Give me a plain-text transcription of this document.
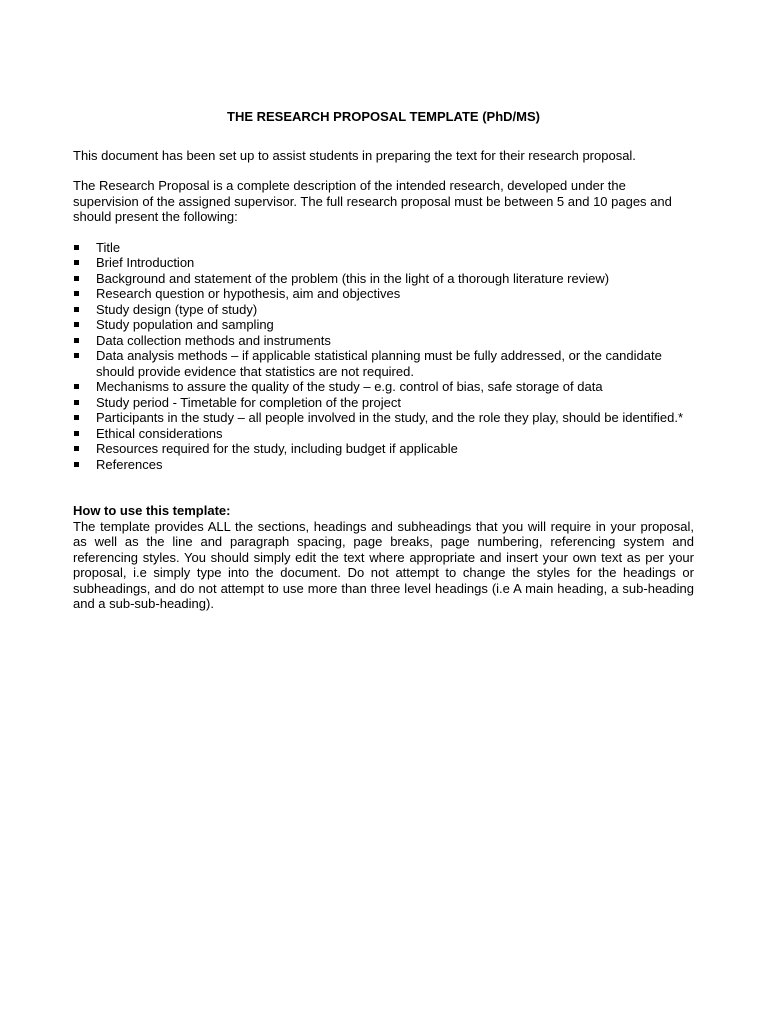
THE RESEARCH PROPOSAL TEMPLATE (PhD/MS)

This document has been set up to assist students in preparing the text for their research proposal.

The Research Proposal is a complete description of the intended research, developed under the supervision of the assigned supervisor. The full research proposal must be between 5 and 10 pages and should present the following:

Title
Brief Introduction
Background and statement of the problem (this in the light of a thorough literature review)
Research question or hypothesis, aim and objectives
Study design (type of study)
Study population and sampling
Data collection methods and instruments
Data analysis methods – if applicable statistical planning must be fully addressed, or the candidate should provide evidence that statistics are not required.
Mechanisms to assure the quality of the study – e.g. control of bias, safe storage of data
Study period - Timetable for completion of the project
Participants in the study – all people involved in the study, and the role they play, should be identified.*
Ethical considerations
Resources required for the study, including budget if applicable
References

How to use this template:

The template provides ALL the sections, headings and subheadings that you will require in your proposal, as well as the line and paragraph spacing, page breaks, page numbering, referencing system and referencing styles. You should simply edit the text where appropriate and insert your own text as per your proposal, i.e simply type into the document. Do not attempt to change the styles for the headings or subheadings, and do not attempt to use more than three level headings (i.e A main heading, a sub-heading and a sub-sub-heading).
